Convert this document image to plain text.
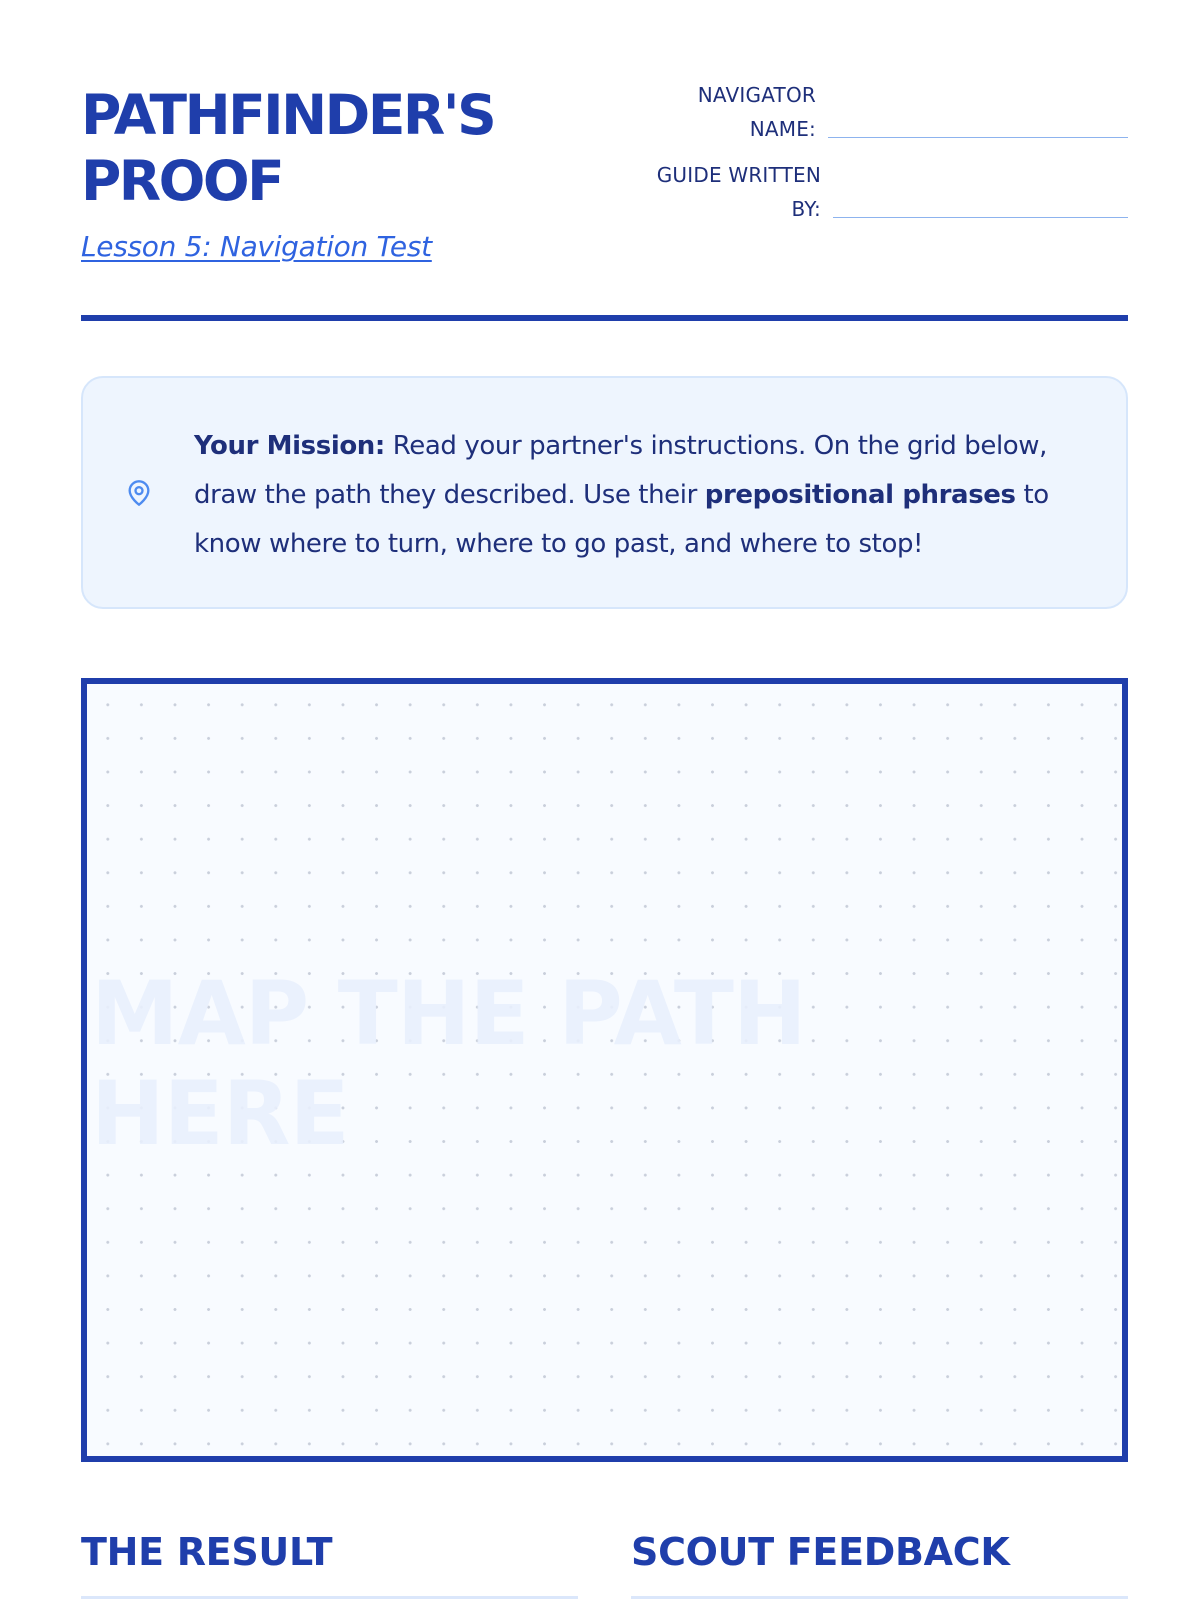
PATHFINDER'S
PROOF
Lesson 5: Navigation Test
NAVIGATOR
NAME:
GUIDE WRITTEN
BY:
Your Mission: Read your partner's instructions. On the grid below, draw the path they described. Use their prepositional phrases to know where to turn, where to go past, and where to stop!
MAP THE PATH
HERE
THE RESULT	SCOUT FEEDBACK
